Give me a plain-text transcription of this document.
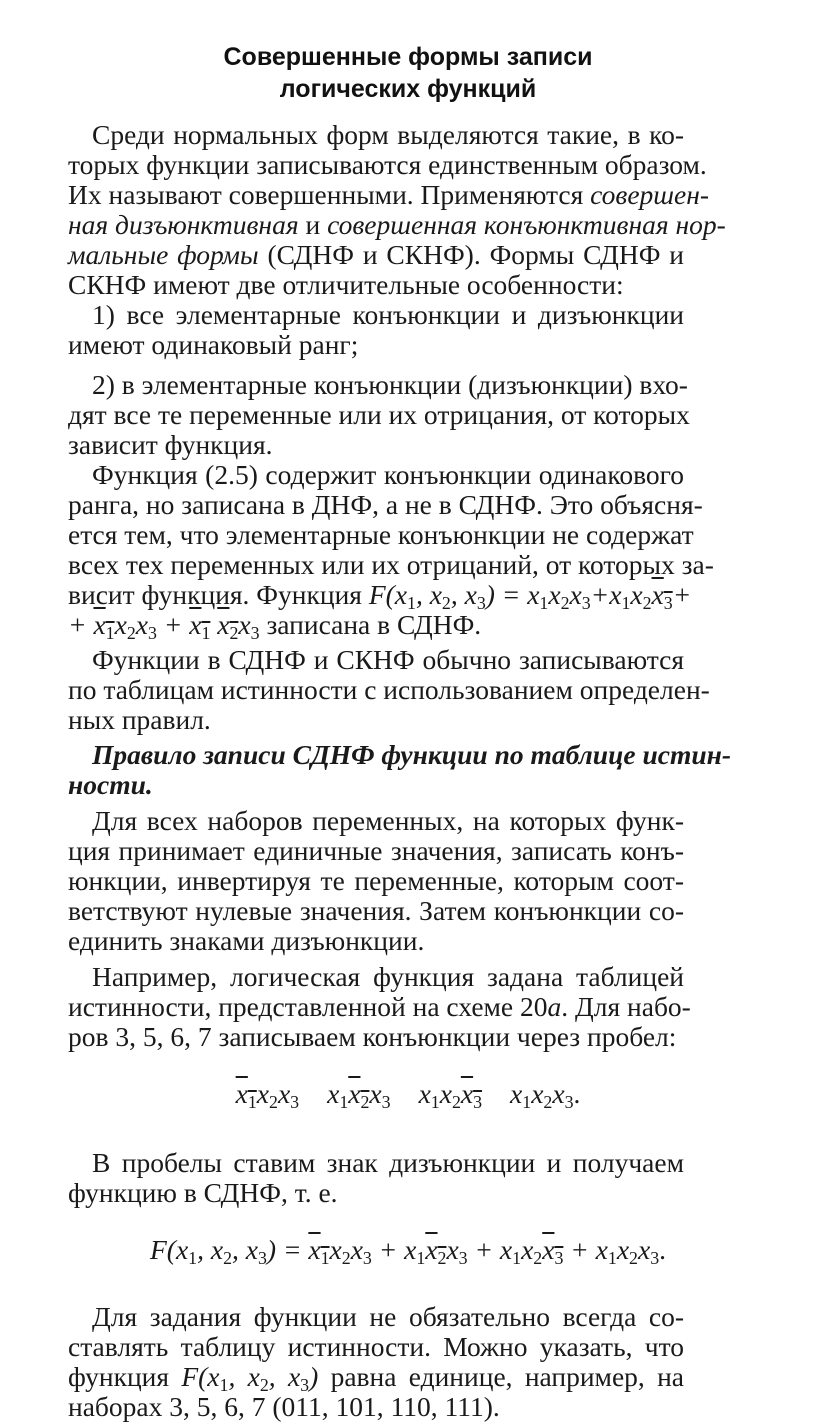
Совершенные формы записи
логических функций
Среди нормальных форм выделяются такие, в ко-
торых функции записываются единственным образом.
Их называют совершенными. Применяются совершен-
ная дизъюнктивная и совершенная конъюнктивная нор-
мальные формы (СДНФ и СКНФ). Формы СДНФ и
СКНФ имеют две отличительные особенности:
1) все элементарные конъюнкции и дизъюнкции
имеют одинаковый ранг;
2) в элементарные конъюнкции (дизъюнкции) вхо-
дят все те переменные или их отрицания, от которых
зависит функция.
Функция (2.5) содержит конъюнкции одинакового
ранга, но записана в ДНФ, а не в СДНФ. Это объясня-
ется тем, что элементарные конъюнкции не содержат
всех тех переменных или их отрицаний, от которых за-
висит функция. Функция $F(x_1$, $x_2$, $x_3) = x_1x_2x_3+x_1x_2x_3+$
+ $x_1x_2x_3 + x_1$ $x_2x_3$ записана в СДНФ.
Функции в СДНФ и СКНФ обычно записываются
по таблицам истинности с использованием определен-
ных правил.
Правило записи СДНФ функции по таблице истин-
ности.
Для всех наборов переменных, на которых функ-
ция принимает единичные значения, записать конъ-
юнкции, инвертируя те переменные, которым соот-
ветствуют нулевые значения. Затем конъюнкции со-
единить знаками дизъюнкции.
Например, логическая функция задана таблицей
истинности, представленной на схеме 20а. Для набо-
ров 3, 5, 6, 7 записываем конъюнкции через пробел:
$x_1x_2x_3$ $x_1x_2x_3$ $x_1x_2x_3$ $x_1x_2x_3$.
В пробелы ставим знак дизъюнкции и получаем
функцию в СДНФ, т. е.
$F(x_1$, $x_2$, $x_3) = x_1x_2x_3 + x_1x_2x_3 + x_1x_2x_3 + x_1x_2x_3$.
Для задания функции не обязательно всегда со-
ставлять таблицу истинности. Можно указать, что
функция $F(x_1$, $x_2$, $x_3$) равна единице, например, на
наборах 3, 5, 6, 7 (011, 101, 110, 111).
